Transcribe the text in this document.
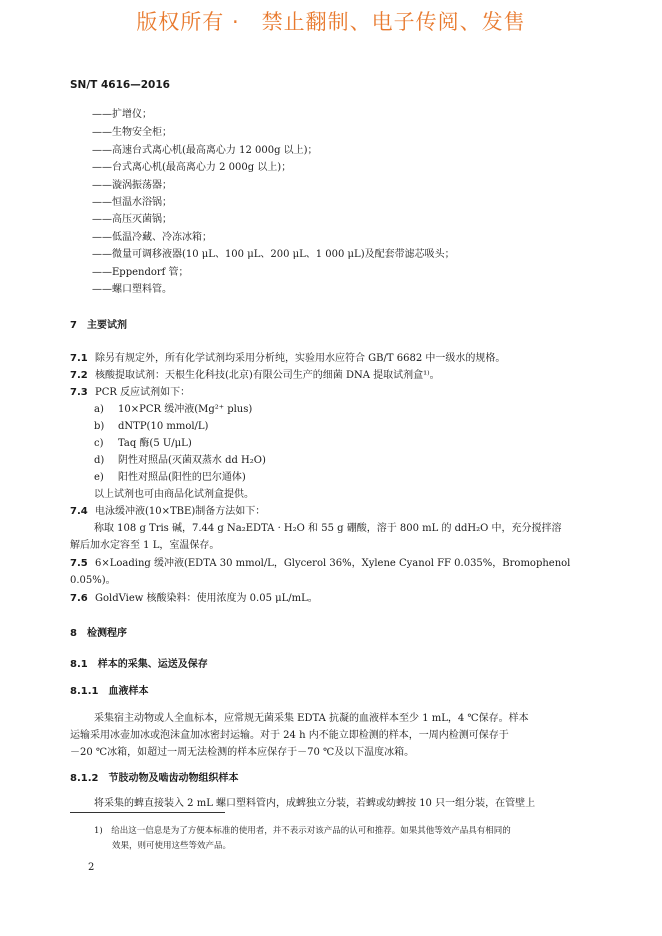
版权所有 ·　禁止翻制、电子传阅、发售
SN/T 4616—2016
——扩增仪；
——生物安全柜；
——高速台式离心机(最高离心力 12 000g 以上)；
——台式离心机(最高离心力 2 000g 以上)；
——漩涡振荡器；
——恒温水浴锅；
——高压灭菌锅；
——低温冷藏、冷冻冰箱；
——微量可调移液器(10 μL、100 μL、200 μL、1 000 μL)及配套带滤芯吸头；
——Eppendorf 管；
——螺口塑料管。
7　主要试剂
7.1 除另有规定外，所有化学试剂均采用分析纯，实验用水应符合 GB/T 6682 中一级水的规格。
7.2 核酸提取试剂：天根生化科技(北京)有限公司生产的细菌 DNA 提取试剂盒¹⁾。
7.3 PCR 反应试剂如下：
a) 10×PCR 缓冲液(Mg²⁺ plus)
b) dNTP(10 mmol/L)
c) Taq 酶(5 U/μL)
d) 阴性对照品(灭菌双蒸水 dd H₂O)
e) 阳性对照品(阳性的巴尔通体)
以上试剂也可由商品化试剂盒提供。
7.4 电泳缓冲液(10×TBE)制备方法如下：
称取 108 g Tris 碱，7.44 g Na₂EDTA · H₂O 和 55 g 硼酸，溶于 800 mL 的 ddH₂O 中，充分搅拌溶
解后加水定容至 1 L，室温保存。
7.5 6×Loading 缓冲液(EDTA 30 mmol/L，Glycerol 36%，Xylene Cyanol FF 0.035%，Bromophenol
0.05%)。
7.6 GoldView 核酸染料：使用浓度为 0.05 μL/mL。
8　检测程序
8.1　样本的采集、运送及保存
8.1.1　血液样本
采集宿主动物或人全血标本，应常规无菌采集 EDTA 抗凝的血液样本至少 1 mL，4 ℃保存。样本
运输采用冰壶加冰或泡沫盒加冰密封运输。对于 24 h 内不能立即检测的样本，一周内检测可保存于
－20 ℃冰箱，如超过一周无法检测的样本应保存于－70 ℃及以下温度冰箱。
8.1.2　节肢动物及啮齿动物组织样本
将采集的蜱直接装入 2 mL 螺口塑料管内，成蜱独立分装，若蜱或幼蜱按 10 只一组分装，在管壁上
1)　给出这一信息是为了方便本标准的使用者，并不表示对该产品的认可和推荐。如果其他等效产品具有相同的
效果，则可使用这些等效产品。
2
